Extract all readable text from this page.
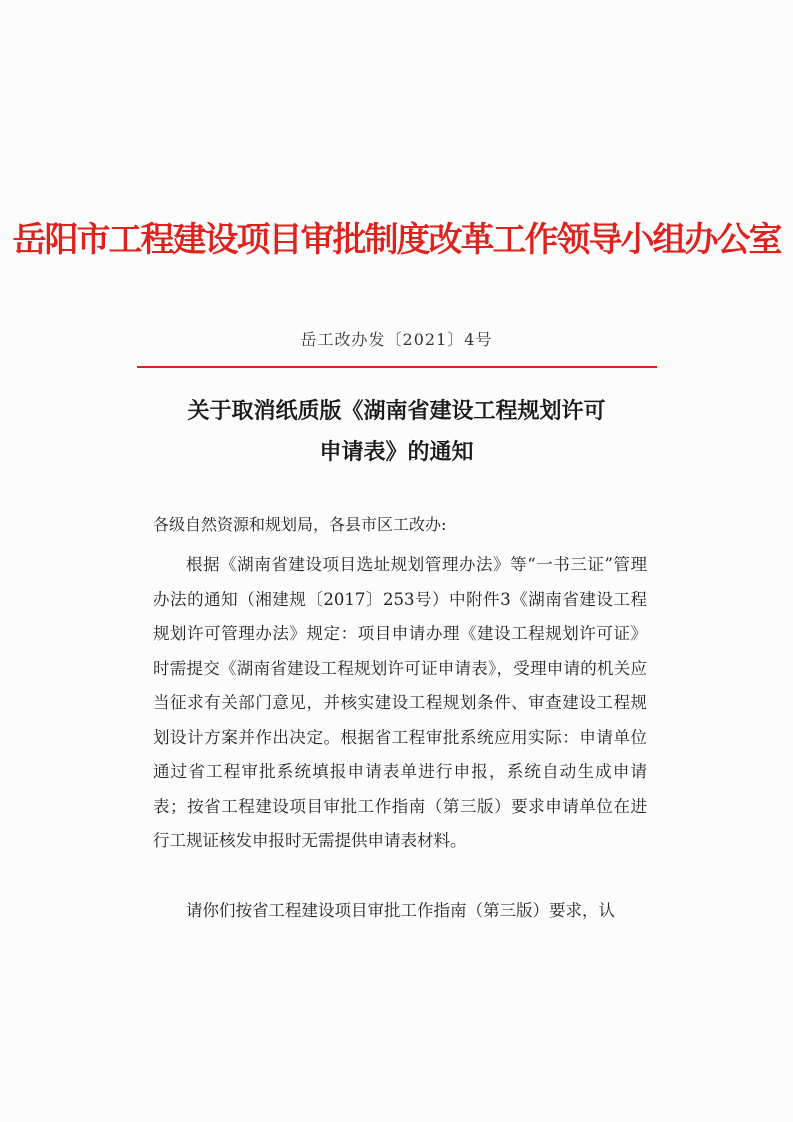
岳阳市工程建设项目审批制度改革工作领导小组办公室
岳工改办发〔2021〕4号
关于取消纸质版《湖南省建设工程规划许可
申请表》的通知
各级自然资源和规划局，各县市区工改办:
根据《湖南省建设项目选址规划管理办法》等“一书三证”管理办法的通知（湘建规〔2017〕253号）中附件3《湖南省建设工程规划许可管理办法》规定：项目申请办理《建设工程规划许可证》时需提交《湖南省建设工程规划许可证申请表》，受理申请的机关应当征求有关部门意见，并核实建设工程规划条件、审查建设工程规划设计方案并作出决定。根据省工程审批系统应用实际：申请单位通过省工程审批系统填报申请表单进行申报，系统自动生成申请表；按省工程建设项目审批工作指南（第三版）要求申请单位在进行工规证核发申报时无需提供申请表材料。
请你们按省工程建设项目审批工作指南（第三版）要求，认
